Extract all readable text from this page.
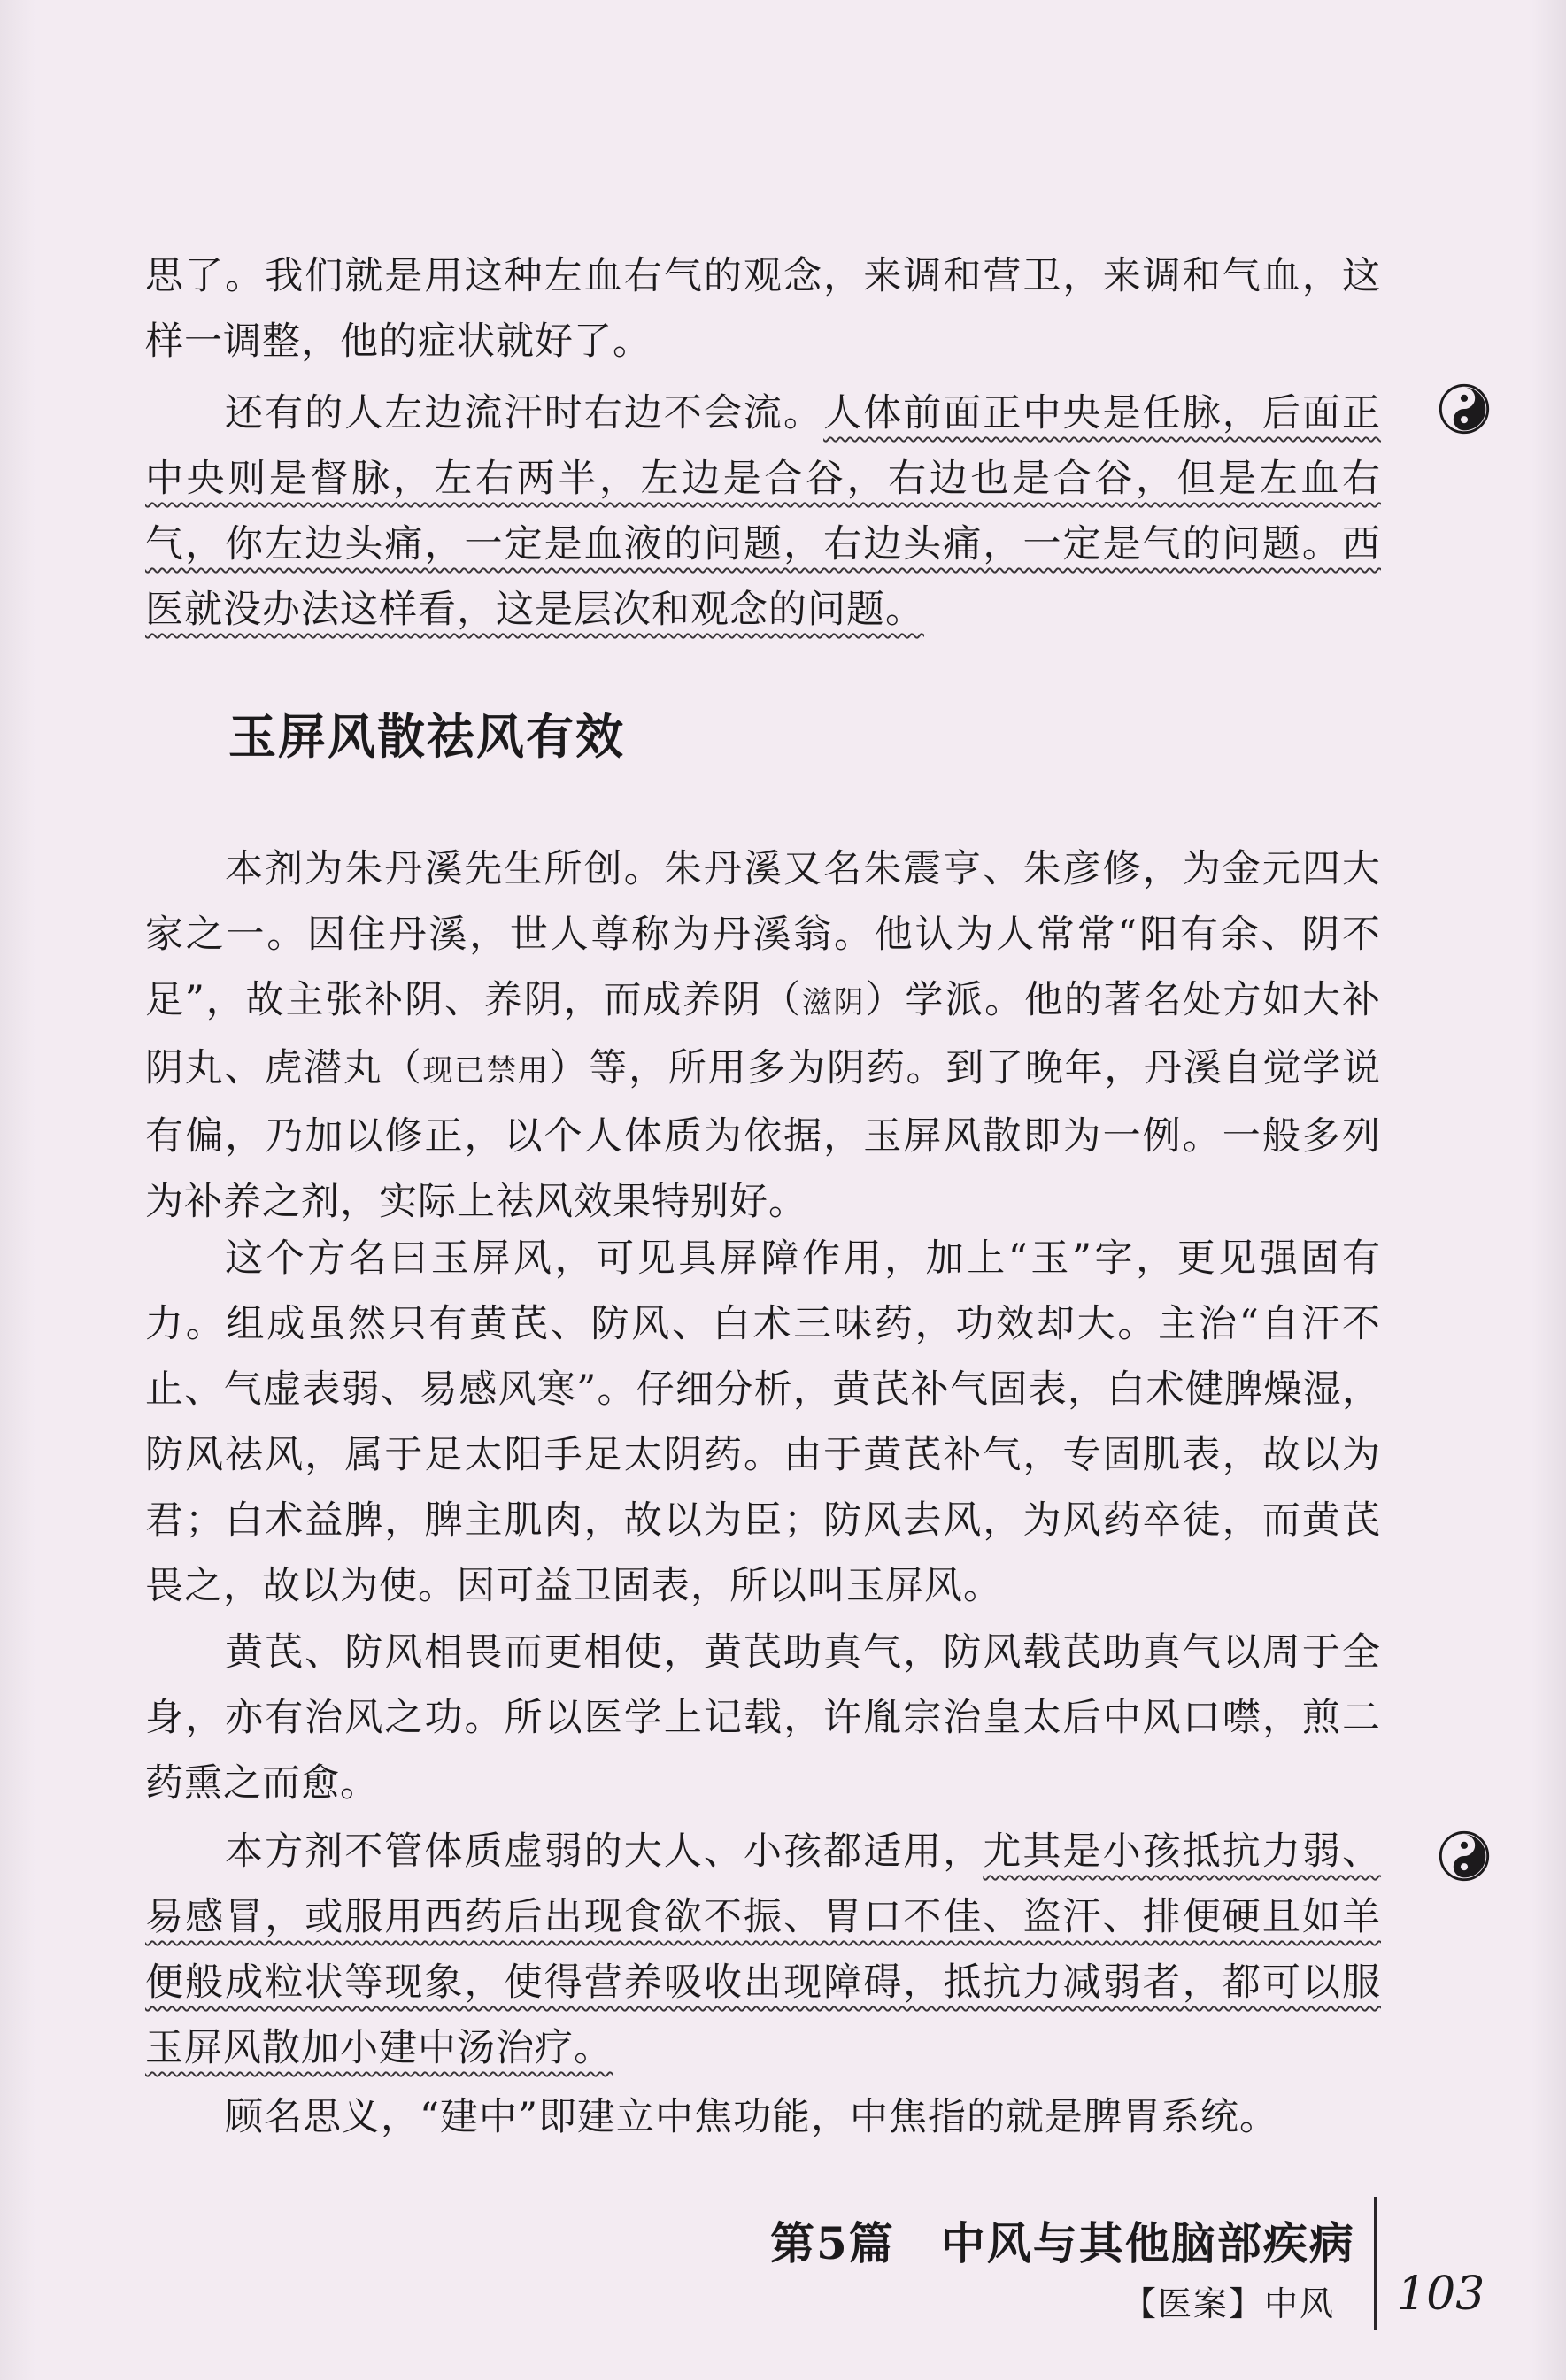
思了。我们就是用这种左血右气的观念，来调和营卫，来调和气血，这样一调整，他的症状就好了。

还有的人左边流汗时右边不会流。人体前面正中央是任脉，后面正中央则是督脉，左右两半，左边是合谷，右边也是合谷，但是左血右气，你左边头痛，一定是血液的问题，右边头痛，一定是气的问题。西医就没办法这样看，这是层次和观念的问题。

玉屏风散祛风有效

本剂为朱丹溪先生所创。朱丹溪又名朱震亨、朱彦修，为金元四大家之一。因住丹溪，世人尊称为丹溪翁。他认为人常常“阳有余、阴不足”，故主张补阴、养阴，而成养阴（滋阴）学派。他的著名处方如大补阴丸、虎潜丸（现已禁用）等，所用多为阴药。到了晚年，丹溪自觉学说有偏，乃加以修正，以个人体质为依据，玉屏风散即为一例。一般多列为补养之剂，实际上祛风效果特别好。

这个方名曰玉屏风，可见具屏障作用，加上“玉”字，更见强固有力。组成虽然只有黄芪、防风、白术三味药，功效却大。主治“自汗不止、气虚表弱、易感风寒”。仔细分析，黄芪补气固表，白术健脾燥湿，防风祛风，属于足太阳手足太阴药。由于黄芪补气，专固肌表，故以为君；白术益脾，脾主肌肉，故以为臣；防风去风，为风药卒徒，而黄芪畏之，故以为使。因可益卫固表，所以叫玉屏风。

黄芪、防风相畏而更相使，黄芪助真气，防风载芪助真气以周于全身，亦有治风之功。所以医学上记载，许胤宗治皇太后中风口噤，煎二药熏之而愈。

本方剂不管体质虚弱的大人、小孩都适用，尤其是小孩抵抗力弱、易感冒，或服用西药后出现食欲不振、胃口不佳、盗汗、排便硬且如羊便般成粒状等现象，使得营养吸收出现障碍，抵抗力减弱者，都可以服玉屏风散加小建中汤治疗。

顾名思义，“建中”即建立中焦功能，中焦指的就是脾胃系统。

第5篇　中风与其他脑部疾病
【医案】中风 103
